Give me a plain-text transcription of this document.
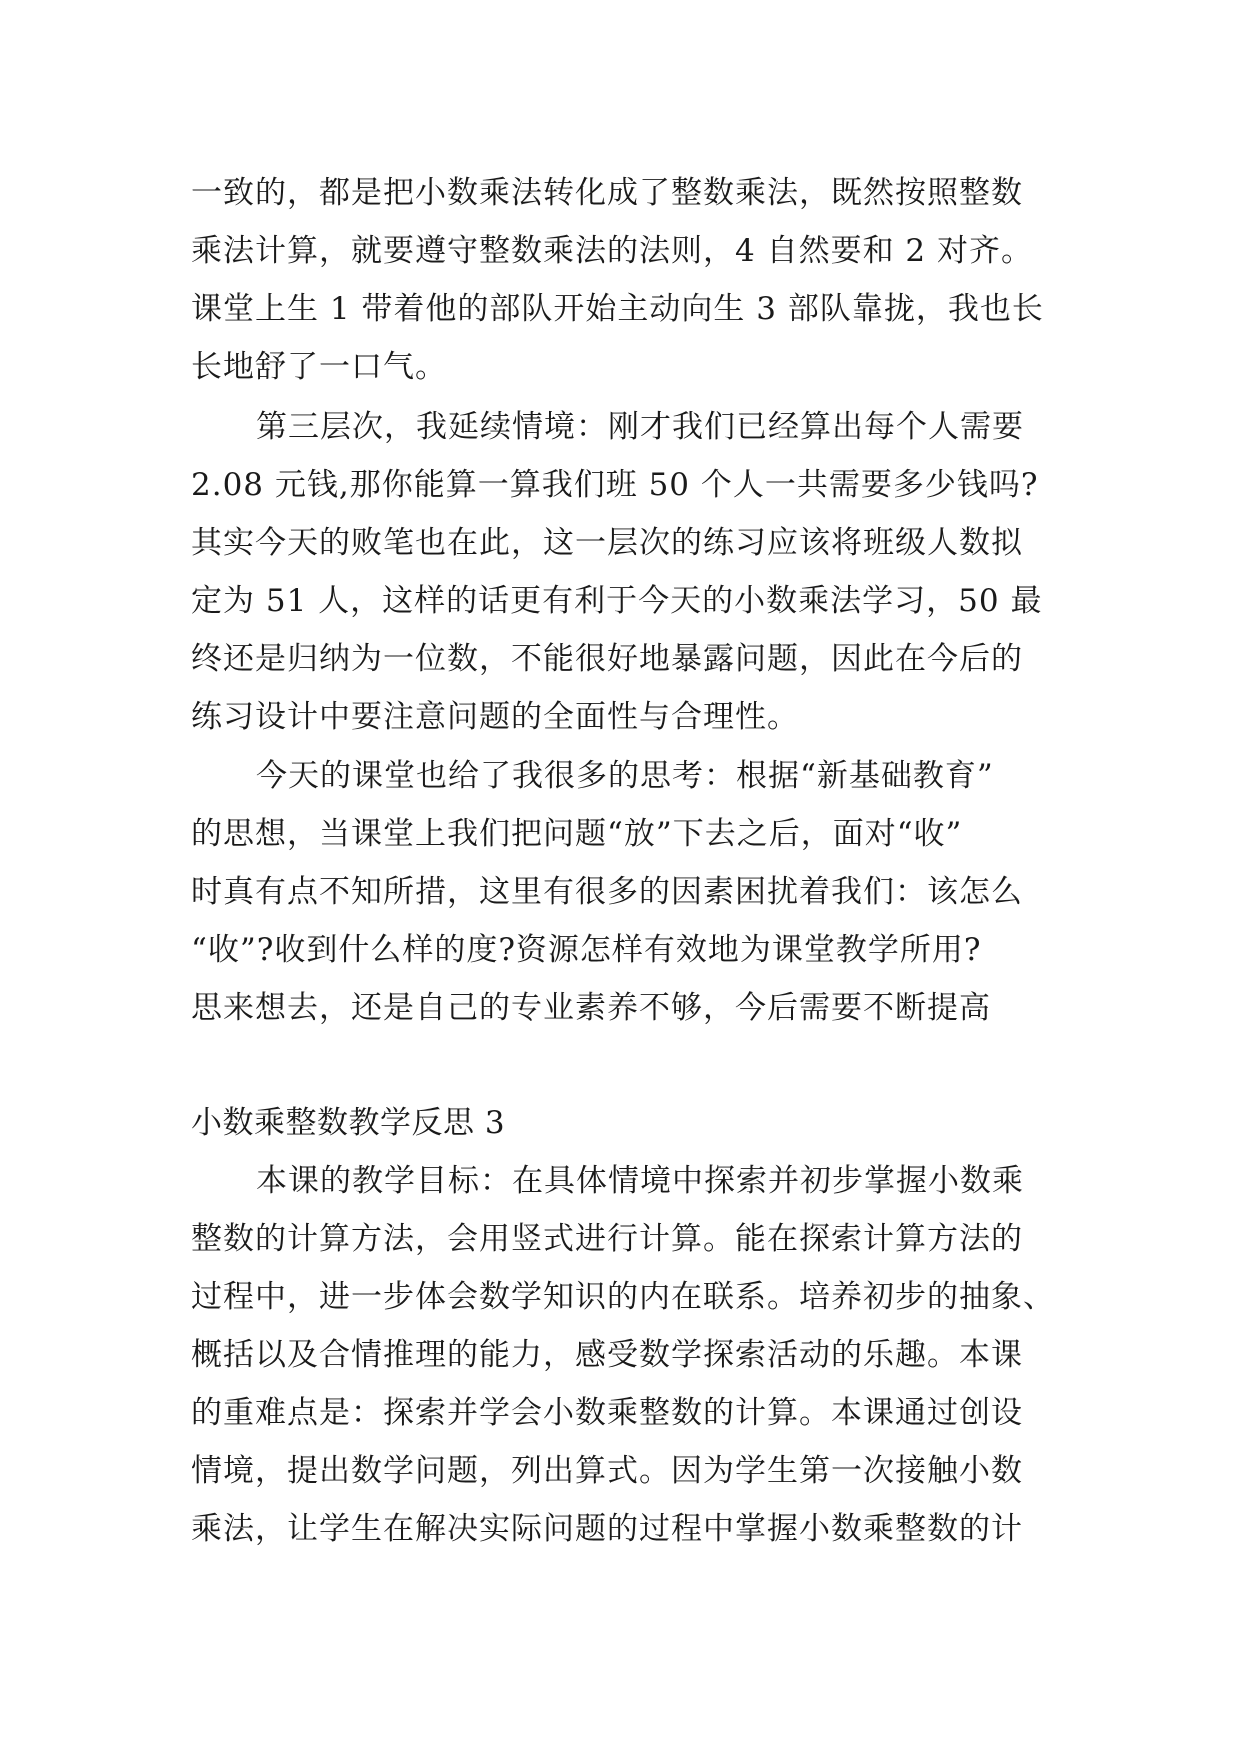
一致的，都是把小数乘法转化成了整数乘法，既然按照整数

乘法计算，就要遵守整数乘法的法则，4 自然要和 2 对齐。

课堂上生 1 带着他的部队开始主动向生 3 部队靠拢，我也长

长地舒了一口气。

第三层次，我延续情境：刚才我们已经算出每个人需要

2.08 元钱,那你能算一算我们班 50 个人一共需要多少钱吗?

其实今天的败笔也在此，这一层次的练习应该将班级人数拟

定为 51 人，这样的话更有利于今天的小数乘法学习，50 最

终还是归纳为一位数，不能很好地暴露问题，因此在今后的

练习设计中要注意问题的全面性与合理性。

今天的课堂也给了我很多的思考：根据“新基础教育”

的思想，当课堂上我们把问题“放”下去之后，面对“收”

时真有点不知所措，这里有很多的因素困扰着我们：该怎么

“收”?收到什么样的度?资源怎样有效地为课堂教学所用?

思来想去，还是自己的专业素养不够，今后需要不断提高

小数乘整数教学反思 3

本课的教学目标：在具体情境中探索并初步掌握小数乘

整数的计算方法，会用竖式进行计算。能在探索计算方法的

过程中，进一步体会数学知识的内在联系。培养初步的抽象、

概括以及合情推理的能力，感受数学探索活动的乐趣。本课

的重难点是：探索并学会小数乘整数的计算。本课通过创设

情境，提出数学问题，列出算式。因为学生第一次接触小数

乘法，让学生在解决实际问题的过程中掌握小数乘整数的计
